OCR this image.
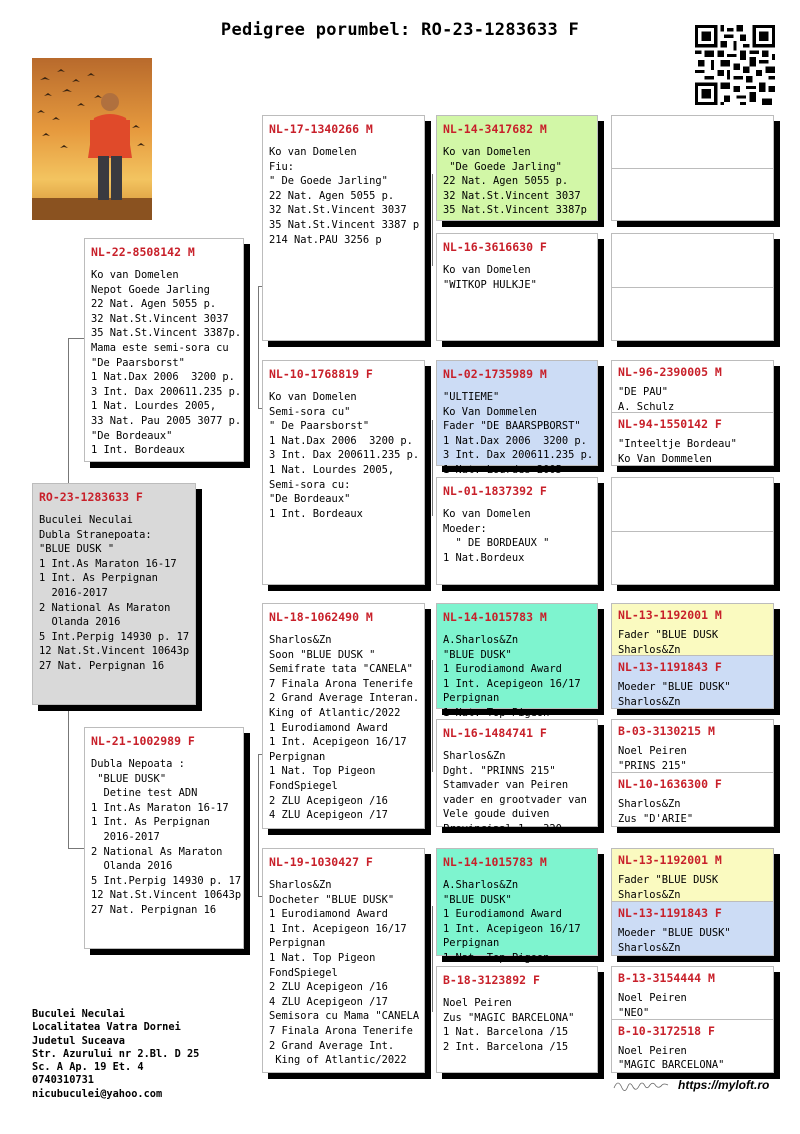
Pedigree porumbel: RO-23-1283633 F
RO-23-1283633 F
Buculei Neculai
Dubla Stranepoata:
"BLUE DUSK "
1 Int.As Maraton 16-17
1 Int. As Perpignan
2016-2017
2 National As Maraton
Olanda 2016
5 Int.Perpig 14930 p. 17
12 Nat.St.Vincent 10643p
27 Nat. Perpignan 16
NL-22-8508142 M
Ko van Domelen
Nepot Goede Jarling
22 Nat. Agen 5055 p.
32 Nat.St.Vincent 3037
35 Nat.St.Vincent 3387p.
Mama este semi-sora cu
"De Paarsborst"
1 Nat.Dax 2006  3200 p.
3 Int. Dax 200611.235 p.
1 Nat. Lourdes 2005,
33 Nat. Pau 2005 3077 p.
"De Bordeaux"
1 Int. Bordeaux
NL-21-1002989 F
Dubla Nepoata :
"BLUE DUSK"
Detine test ADN
1 Int.As Maraton 16-17
1 Int. As Perpignan
2016-2017
2 National As Maraton
Olanda 2016
5 Int.Perpig 14930 p. 17
12 Nat.St.Vincent 10643p
27 Nat. Perpignan 16
NL-17-1340266 M
Ko van Domelen
Fiu:
" De Goede Jarling"
22 Nat. Agen 5055 p.
32 Nat.St.Vincent 3037
35 Nat.St.Vincent 3387 p
214 Nat.PAU 3256 p
NL-10-1768819 F
Ko van Domelen
Semi-sora cu"
" De Paarsborst"
1 Nat.Dax 2006  3200 p.
3 Int. Dax 200611.235 p.
1 Nat. Lourdes 2005,
Semi-sora cu:
"De Bordeaux"
1 Int. Bordeaux
NL-18-1062490 M
Sharlos&Zn
Soon "BLUE DUSK "
Semifrate tata "CANELA"
7 Finala Arona Tenerife
2 Grand Average Interan.
King of Atlantic/2022
1 Eurodiamond Award
1 Int. Acepigeon 16/17
Perpignan
1 Nat. Top Pigeon
FondSpiegel
2 ZLU Acepigeon /16
4 ZLU Acepigeon /17
NL-19-1030427 F
Sharlos&Zn
Docheter "BLUE DUSK"
1 Eurodiamond Award
1 Int. Acepigeon 16/17
Perpignan
1 Nat. Top Pigeon
FondSpiegel
2 ZLU Acepigeon /16
4 ZLU Acepigeon /17
Semisora cu Mama "CANELA
7 Finala Arona Tenerife
2 Grand Average Int.
King of Atlantic/2022
NL-14-3417682 M
Ko van Domelen
"De Goede Jarling"
22 Nat. Agen 5055 p.
32 Nat.St.Vincent 3037
35 Nat.St.Vincent 3387p
NL-16-3616630 F
Ko van Domelen
"WITKOP HULKJE"
NL-02-1735989 M
"ULTIEME"
Ko Van Dommelen
Fader "DE BAARSPBORST"
1 Nat.Dax 2006  3200 p.
3 Int. Dax 200611.235 p.
1 Nat. Lourdes 2005
NL-01-1837392 F
Ko van Domelen
Moeder:
" DE BORDEAUX "
1 Nat.Bordeux
NL-14-1015783 M
A.Sharlos&Zn
"BLUE DUSK"
1 Eurodiamond Award
1 Int. Acepigeon 16/17
Perpignan
1 Nat. Top Pigeon
NL-16-1484741 F
Sharlos&Zn
Dght. "PRINNS 215"
Stamvader van Peiren
vader en grootvader van
Vele goude duiven
Provinciaal 1 - 320
NL-14-1015783 M
A.Sharlos&Zn
"BLUE DUSK"
1 Eurodiamond Award
1 Int. Acepigeon 16/17
Perpignan
1 Nat. Top Pigeon
B-18-3123892 F
Noel Peiren
Zus "MAGIC BARCELONA"
1 Nat. Barcelona /15
2 Int. Barcelona /15
NL-96-2390005 M
"DE PAU"
A. Schulz
NL-94-1550142 F
"Inteeltje Bordeau"
Ko Van Dommelen
NL-13-1192001 M
Fader "BLUE DUSK
Sharlos&Zn
NL-13-1191843 F
Moeder "BLUE DUSK"
Sharlos&Zn
B-03-3130215 M
Noel Peiren
"PRINS 215"
NL-10-1636300 F
Sharlos&Zn
Zus "D'ARIE"
NL-13-1192001 M
Fader "BLUE DUSK
Sharlos&Zn
NL-13-1191843 F
Moeder "BLUE DUSK"
Sharlos&Zn
B-13-3154444 M
Noel Peiren
"NEO"
B-10-3172518 F
Noel Peiren
"MAGIC BARCELONA"
Buculei Neculai
Localitatea Vatra Dornei
Judetul Suceava
Str. Azurului nr 2.Bl. D 25
Sc. A Ap. 19 Et. 4
0740310731
nicubuculei@yahoo.com
https://myloft.ro
